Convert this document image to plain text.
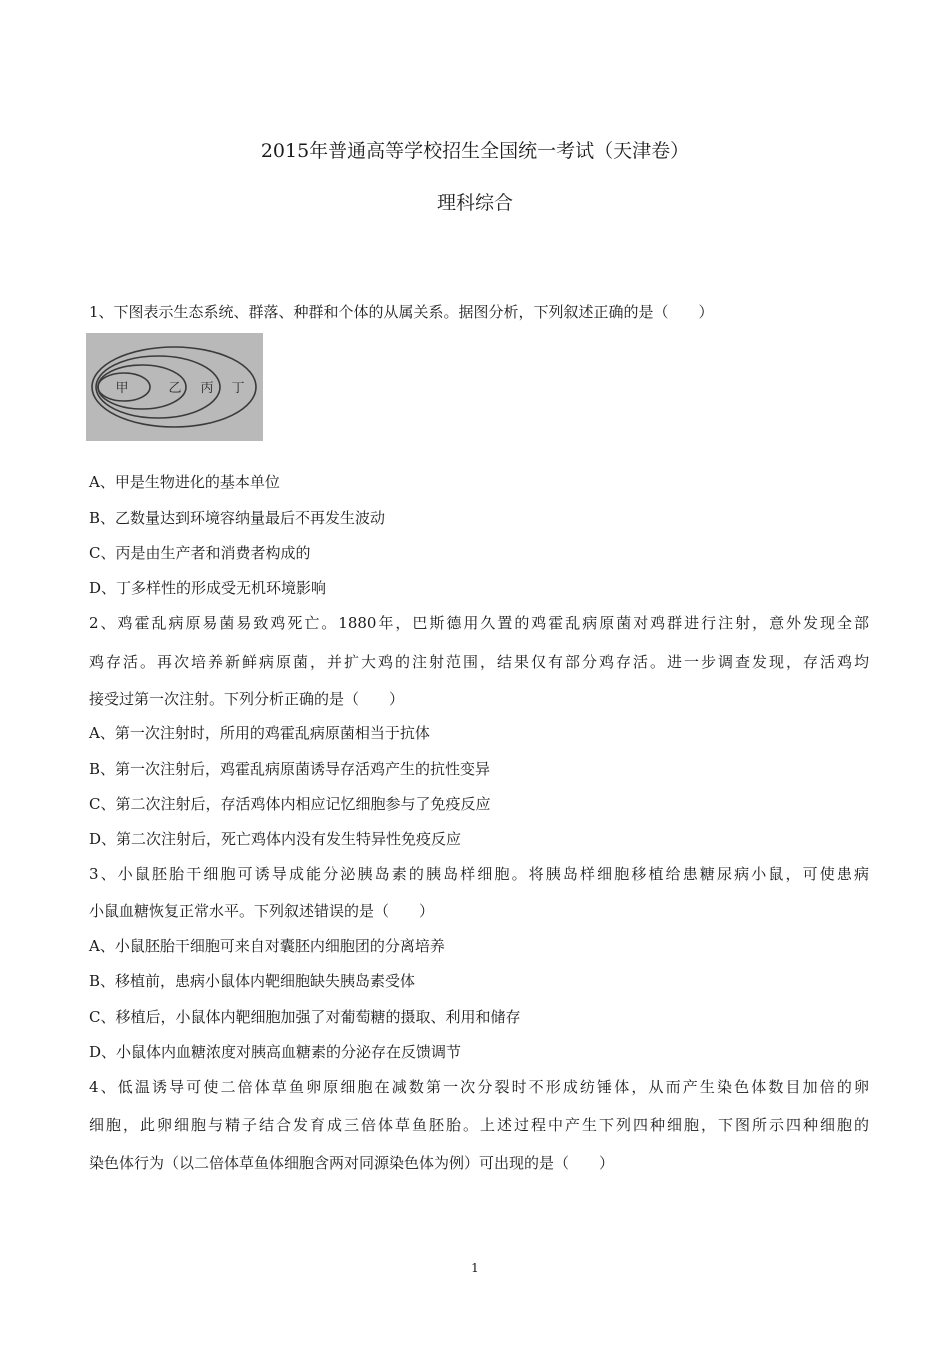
2015年普通高等学校招生全国统一考试（天津卷）
理科综合
1、下图表示生态系统、群落、种群和个体的从属关系。据图分析，下列叙述正确的是（　　）
甲	乙 丙 丁
A、甲是生物进化的基本单位
B、乙数量达到环境容纳量最后不再发生波动
C、丙是由生产者和消费者构成的
D、丁多样性的形成受无机环境影响
2、鸡霍乱病原易菌易致鸡死亡。1880年，巴斯德用久置的鸡霍乱病原菌对鸡群进行注射，意外发现全部
鸡存活。再次培养新鲜病原菌，并扩大鸡的注射范围，结果仅有部分鸡存活。进一步调查发现，存活鸡均
接受过第一次注射。下列分析正确的是（　　）
A、第一次注射时，所用的鸡霍乱病原菌相当于抗体
B、第一次注射后，鸡霍乱病原菌诱导存活鸡产生的抗性变异
C、第二次注射后，存活鸡体内相应记忆细胞参与了免疫反应
D、第二次注射后，死亡鸡体内没有发生特异性免疫反应
3、小鼠胚胎干细胞可诱导成能分泌胰岛素的胰岛样细胞。将胰岛样细胞移植给患糖尿病小鼠，可使患病
小鼠血糖恢复正常水平。下列叙述错误的是（　　）
A、小鼠胚胎干细胞可来自对囊胚内细胞团的分离培养
B、移植前，患病小鼠体内靶细胞缺失胰岛素受体
C、移植后，小鼠体内靶细胞加强了对葡萄糖的摄取、利用和储存
D、小鼠体内血糖浓度对胰高血糖素的分泌存在反馈调节
4、低温诱导可使二倍体草鱼卵原细胞在减数第一次分裂时不形成纺锤体，从而产生染色体数目加倍的卵
细胞，此卵细胞与精子结合发育成三倍体草鱼胚胎。上述过程中产生下列四种细胞，下图所示四种细胞的
染色体行为（以二倍体草鱼体细胞含两对同源染色体为例）可出现的是（　　）
1
